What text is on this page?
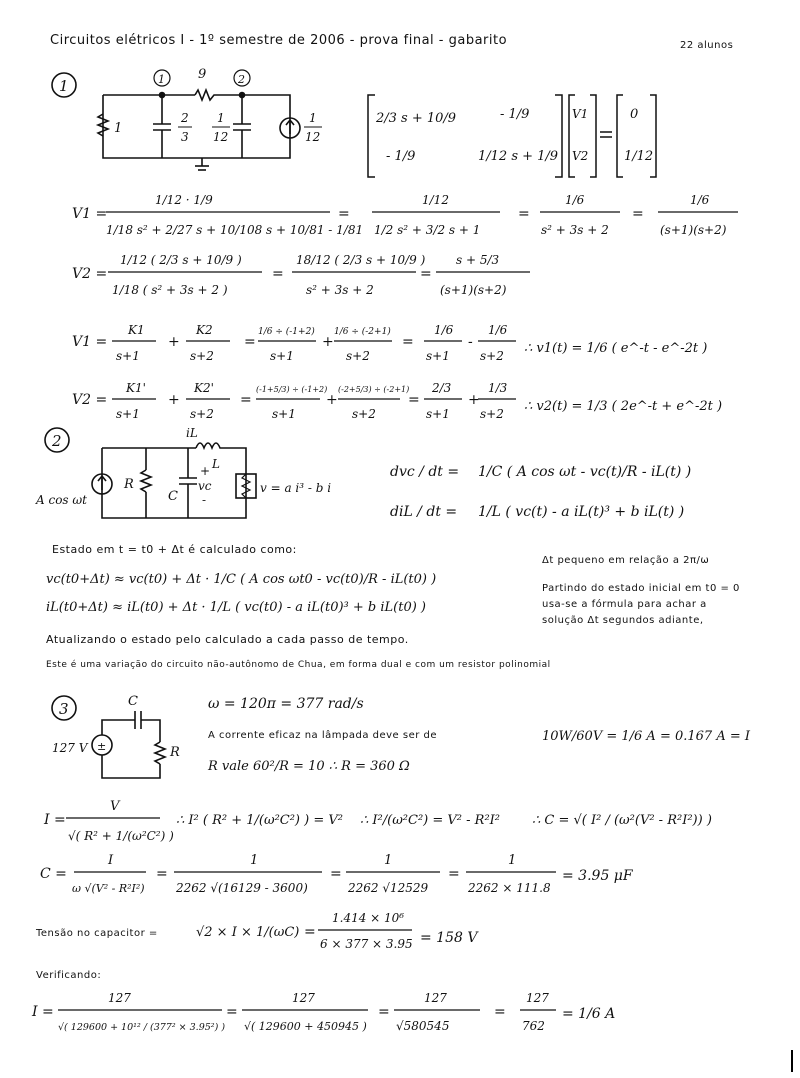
Circuitos elétricos I - 1º semestre de 2006 - prova final - gabarito	22 alunos
1	1	2
9
1
2
3
1
12
1
12
2/3 s + 10/9	- 1/9
- 1/9	1/12 s + 1/9
V1
V2
0
1/12
V1 =
1/12 · 1/9
1/18 s² + 2/27 s + 10/108 s + 10/81 - 1/81
=
1/12
1/2 s² + 3/2 s + 1
=
1/6
s² + 3s + 2
=
1/6
(s+1)(s+2)
V2 =
1/12 ( 2/3 s + 10/9 )
1/18 ( s² + 3s + 2 )
=
18/12 ( 2/3 s + 10/9 )
s² + 3s + 2
=
s + 5/3
(s+1)(s+2)
V1 =
K1
s+1
+
K2
s+2
=
1/6 ÷ (-1+2)
s+1
+
1/6 ÷ (-2+1)
s+2
=
1/6
s+1
-
1/6
s+2 ∴ v1(t) = 1/6 ( e^-t - e^-2t )
V2 =
K1'
s+1
+
K2'
s+2
=
(-1+5/3) ÷ (-1+2)
s+1
+
(-2+5/3) ÷ (-2+1)
s+2
=
2/3
s+1
+
1/3
s+2 ∴ v2(t) = 1/3 ( 2e^-t + e^-2t )
2
A cos ωt
R
C
+
vc
-
iL
L
v = a i³ - b i
dvc / dt = 1/C ( A cos ωt - vc(t)/R - iL(t) )
diL / dt = 1/L ( vc(t) - a iL(t)³ + b iL(t) )
Estado em t = t0 + Δt é calculado como:
vc(t0+Δt) ≈ vc(t0) + Δt · 1/C ( A cos ωt0 - vc(t0)/R - iL(t0) )
iL(t0+Δt) ≈ iL(t0) + Δt · 1/L ( vc(t0) - a iL(t0)³ + b iL(t0) )
Δt pequeno em relação a 2π/ω
Partindo do estado inicial em t0 = 0
usa-se a fórmula para achar a
solução Δt segundos adiante,
Atualizando o estado pelo calculado a cada passo de tempo.
Este é uma variação do circuito não-autônomo de Chua, em forma dual e com um resistor polinomial
3
±
C
R
127 V
ω = 120π = 377 rad/s
A corrente eficaz na lâmpada deve ser de	10W/60V = 1/6 A = 0.167 A = I
R vale 60²/R = 10 ∴ R = 360 Ω
I =
V
√( R² + 1/(ω²C²) )
∴ I² ( R² + 1/(ω²C²) ) = V² ∴ I²/(ω²C²) = V² - R²I² ∴ C = √( I² / (ω²(V² - R²I²)) )
C =
I
ω √(V² - R²I²)
=
1
2262 √(16129 - 3600)
=
1
2262 √12529
=
1
2262 × 111.8
= 3.95 μF
Tensão no capacitor =	√2 × I × 1/(ωC) =
1.414 × 10⁶
6 × 377 × 3.95 = 158 V
Verificando:
I =
127
√( 129600 + 10¹² / (377² × 3.95²) )
=
127
√( 129600 + 450945 )
=
127
√580545
=
127
762
= 1/6 A
